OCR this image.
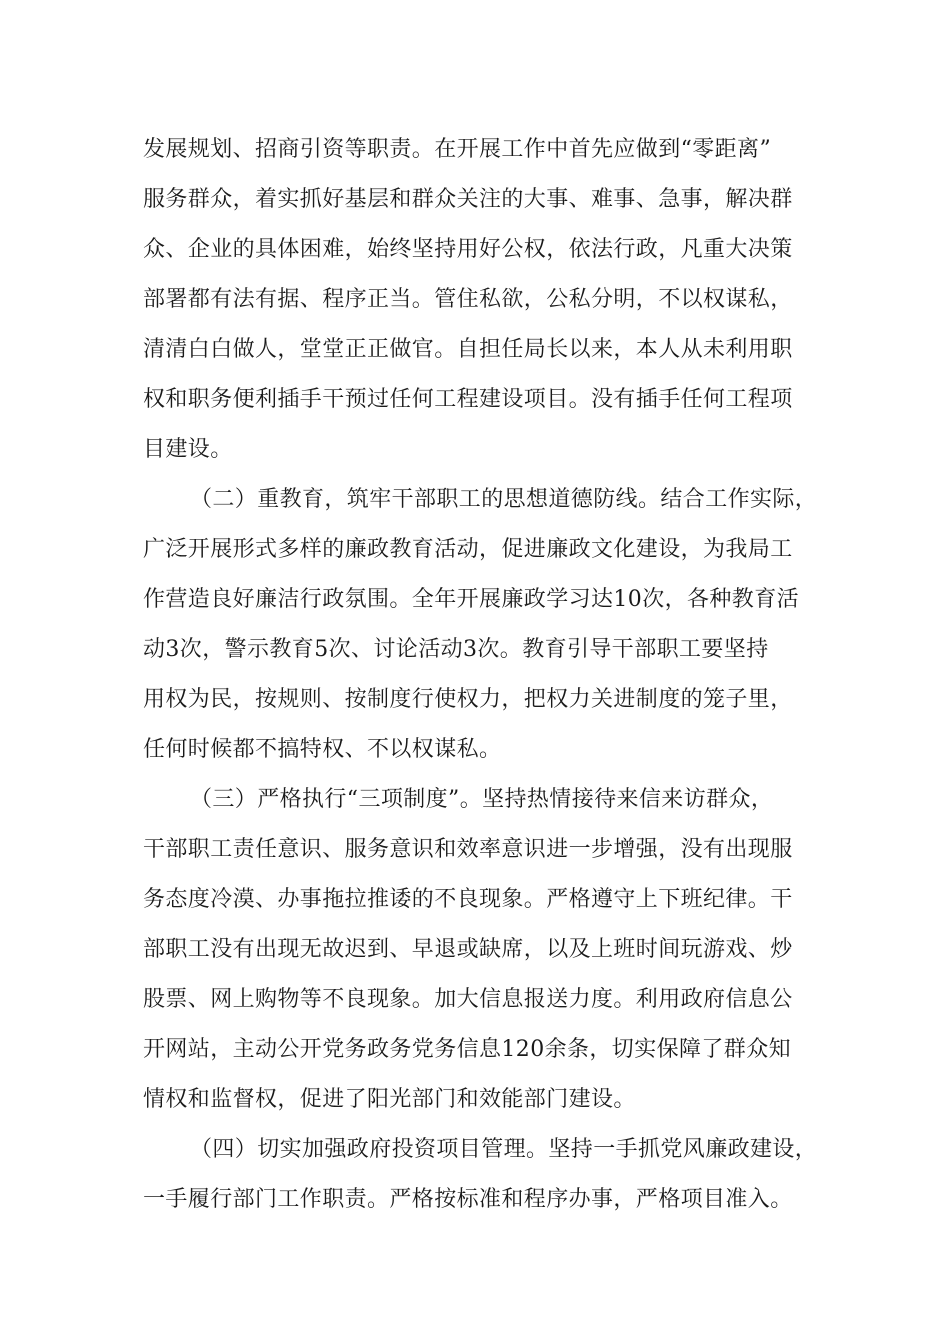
发展规划、招商引资等职责。在开展工作中首先应做到“零距离”
服务群众，着实抓好基层和群众关注的大事、难事、急事，解决群
众、企业的具体困难，始终坚持用好公权，依法行政，凡重大决策
部署都有法有据、程序正当。管住私欲，公私分明，不以权谋私，
清清白白做人，堂堂正正做官。自担任局长以来，本人从未利用职
权和职务便利插手干预过任何工程建设项目。没有插手任何工程项
目建设。
（二）重教育，筑牢干部职工的思想道德防线。结合工作实际，
广泛开展形式多样的廉政教育活动，促进廉政文化建设，为我局工
作营造良好廉洁行政氛围。全年开展廉政学习达10次，各种教育活
动3次，警示教育5次、讨论活动3次。教育引导干部职工要坚持
用权为民，按规则、按制度行使权力，把权力关进制度的笼子里，
任何时候都不搞特权、不以权谋私。
（三）严格执行“三项制度”。坚持热情接待来信来访群众，
干部职工责任意识、服务意识和效率意识进一步增强，没有出现服
务态度冷漠、办事拖拉推诿的不良现象。严格遵守上下班纪律。干
部职工没有出现无故迟到、早退或缺席，以及上班时间玩游戏、炒
股票、网上购物等不良现象。加大信息报送力度。利用政府信息公
开网站，主动公开党务政务党务信息120余条，切实保障了群众知
情权和监督权，促进了阳光部门和效能部门建设。
（四）切实加强政府投资项目管理。坚持一手抓党风廉政建设，
一手履行部门工作职责。严格按标准和程序办事，严格项目准入。
